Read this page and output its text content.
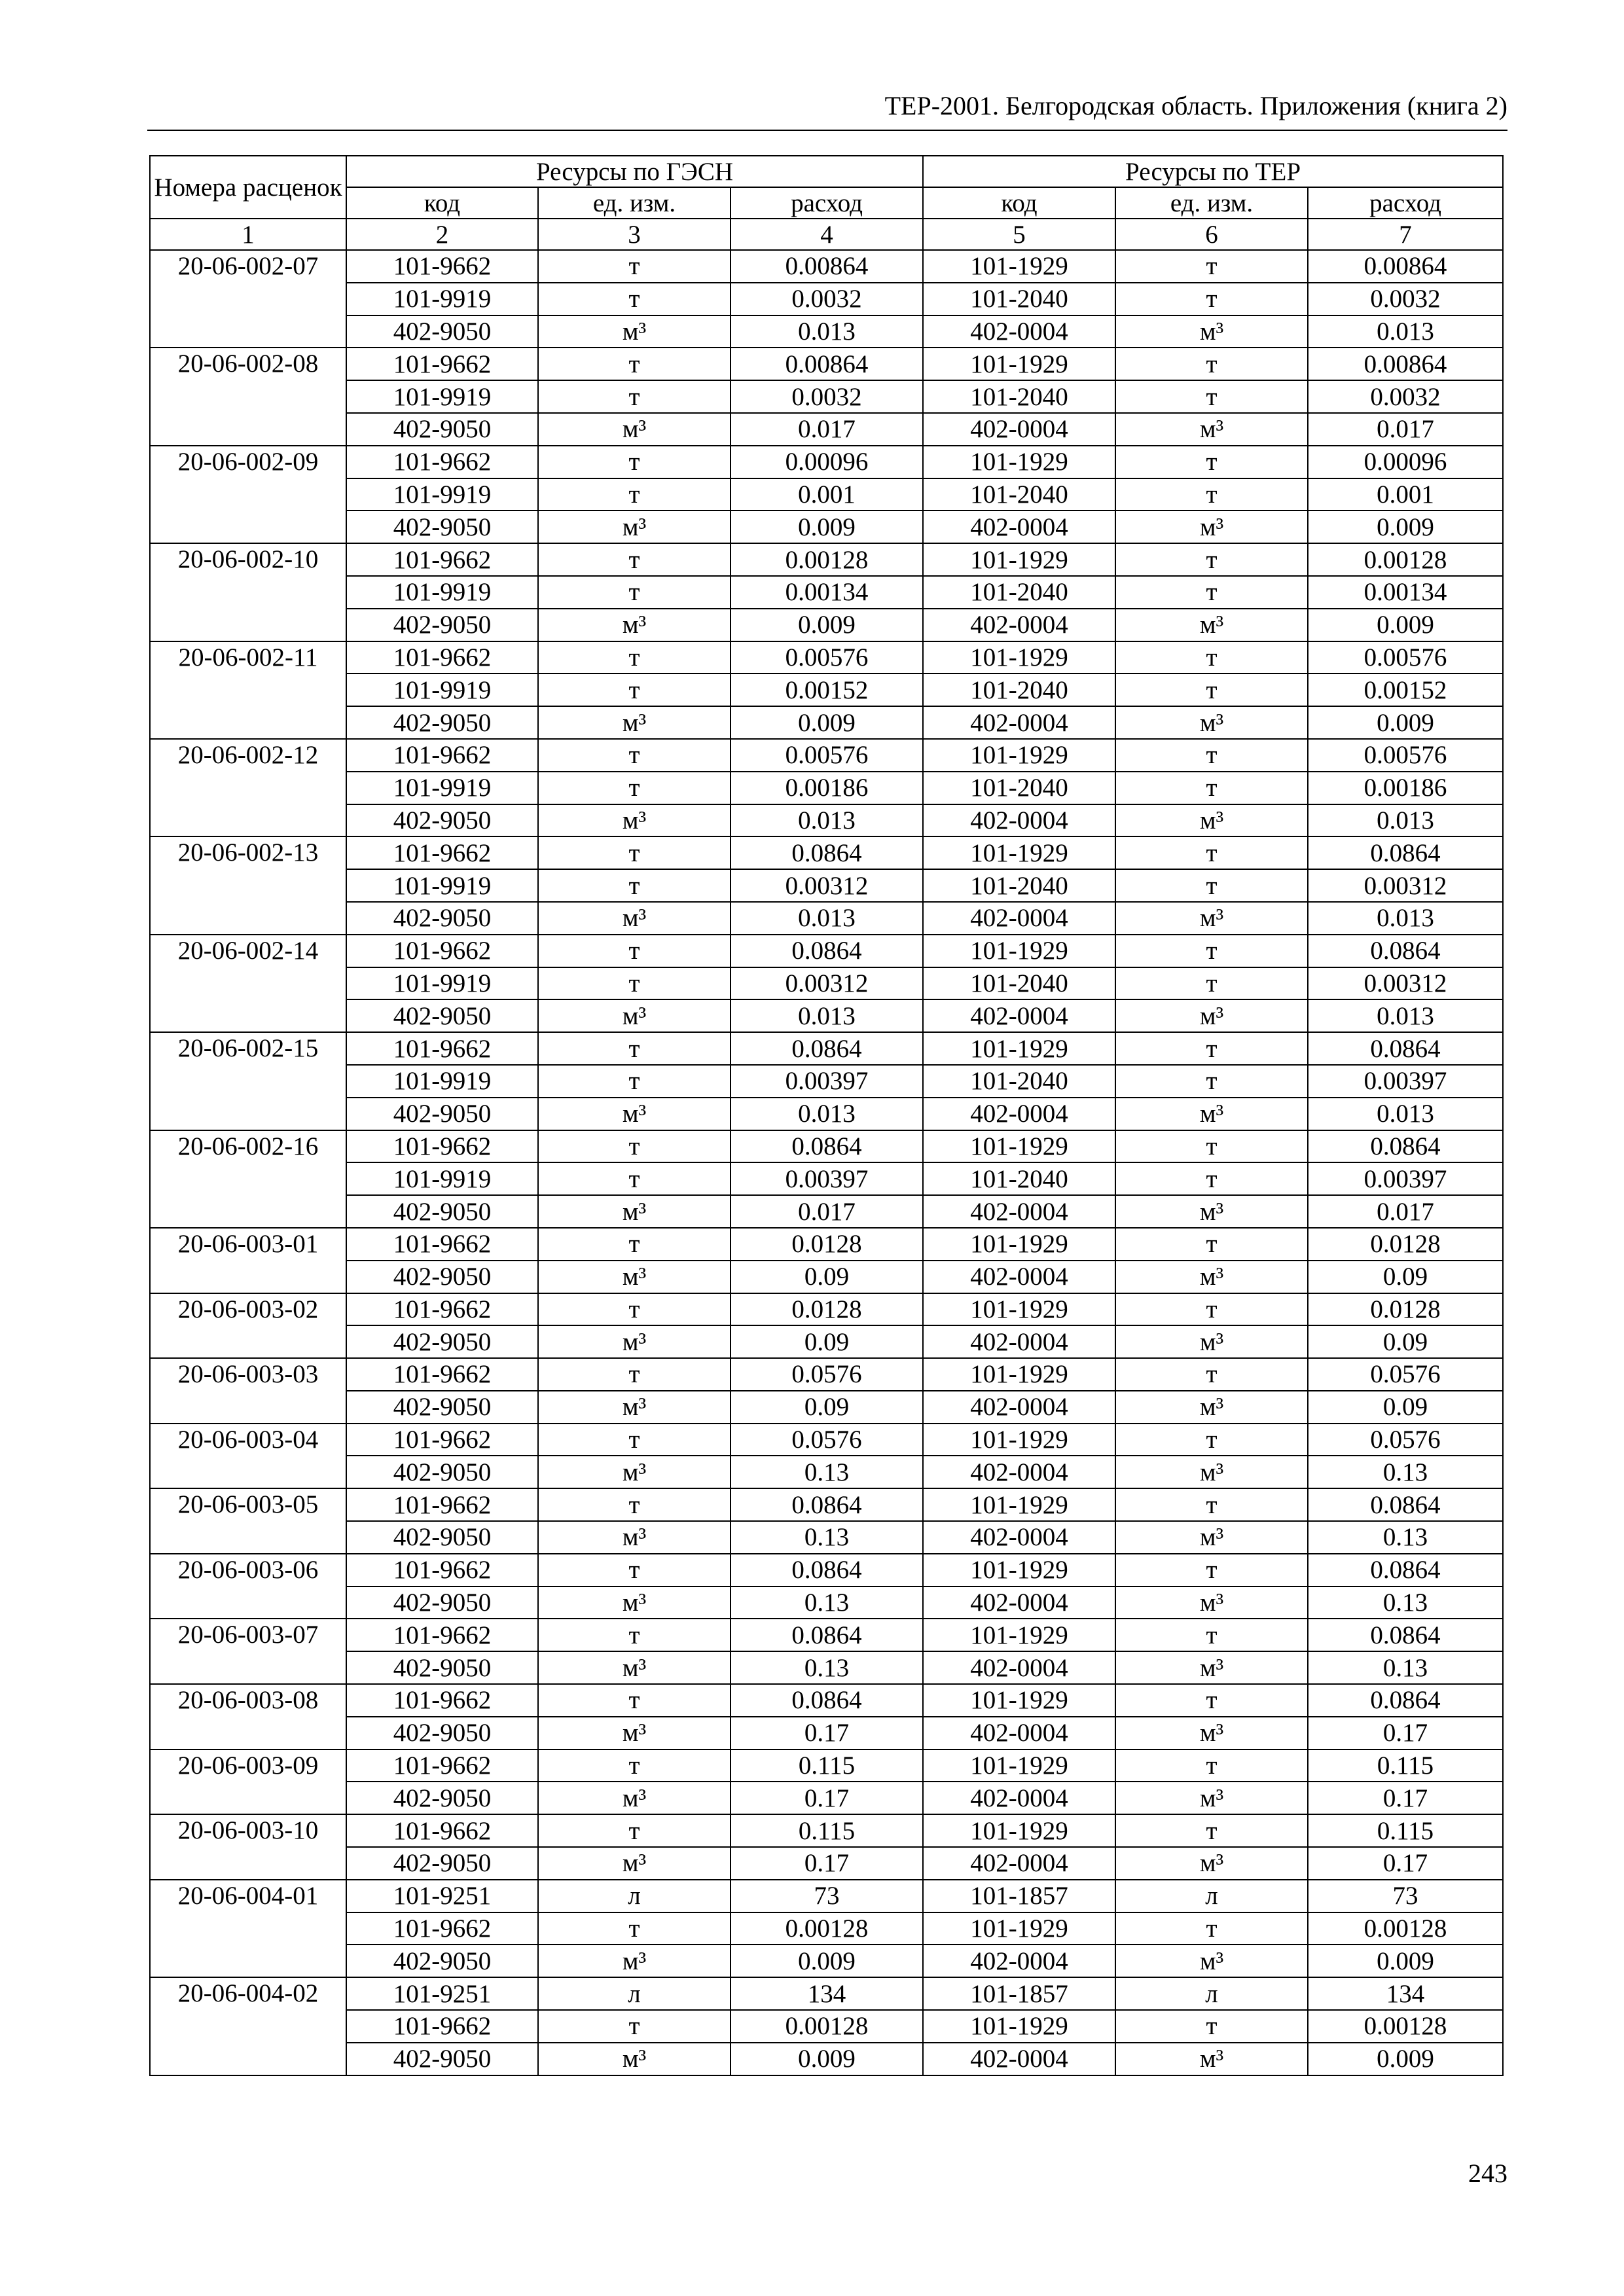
ТЕР-2001. Белгородская область. Приложения (книга 2)
Номера расценок	Ресурсы по ГЭСН			Ресурсы по ТЕР		
	код	ед. изм.	расход	код	ед. изм.	расход
1	2	3	4	5	6	7
20-06-002-07	101-9662	т	0.00864	101-1929	т	0.00864
	101-9919	т	0.0032	101-2040	т	0.0032
	402-9050	м³	0.013	402-0004	м³	0.013
20-06-002-08	101-9662	т	0.00864	101-1929	т	0.00864
	101-9919	т	0.0032	101-2040	т	0.0032
	402-9050	м³	0.017	402-0004	м³	0.017
20-06-002-09	101-9662	т	0.00096	101-1929	т	0.00096
	101-9919	т	0.001	101-2040	т	0.001
	402-9050	м³	0.009	402-0004	м³	0.009
20-06-002-10	101-9662	т	0.00128	101-1929	т	0.00128
	101-9919	т	0.00134	101-2040	т	0.00134
	402-9050	м³	0.009	402-0004	м³	0.009
20-06-002-11	101-9662	т	0.00576	101-1929	т	0.00576
	101-9919	т	0.00152	101-2040	т	0.00152
	402-9050	м³	0.009	402-0004	м³	0.009
20-06-002-12	101-9662	т	0.00576	101-1929	т	0.00576
	101-9919	т	0.00186	101-2040	т	0.00186
	402-9050	м³	0.013	402-0004	м³	0.013
20-06-002-13	101-9662	т	0.0864	101-1929	т	0.0864
	101-9919	т	0.00312	101-2040	т	0.00312
	402-9050	м³	0.013	402-0004	м³	0.013
20-06-002-14	101-9662	т	0.0864	101-1929	т	0.0864
	101-9919	т	0.00312	101-2040	т	0.00312
	402-9050	м³	0.013	402-0004	м³	0.013
20-06-002-15	101-9662	т	0.0864	101-1929	т	0.0864
	101-9919	т	0.00397	101-2040	т	0.00397
	402-9050	м³	0.013	402-0004	м³	0.013
20-06-002-16	101-9662	т	0.0864	101-1929	т	0.0864
	101-9919	т	0.00397	101-2040	т	0.00397
	402-9050	м³	0.017	402-0004	м³	0.017
20-06-003-01	101-9662	т	0.0128	101-1929	т	0.0128
	402-9050	м³	0.09	402-0004	м³	0.09
20-06-003-02	101-9662	т	0.0128	101-1929	т	0.0128
	402-9050	м³	0.09	402-0004	м³	0.09
20-06-003-03	101-9662	т	0.0576	101-1929	т	0.0576
	402-9050	м³	0.09	402-0004	м³	0.09
20-06-003-04	101-9662	т	0.0576	101-1929	т	0.0576
	402-9050	м³	0.13	402-0004	м³	0.13
20-06-003-05	101-9662	т	0.0864	101-1929	т	0.0864
	402-9050	м³	0.13	402-0004	м³	0.13
20-06-003-06	101-9662	т	0.0864	101-1929	т	0.0864
	402-9050	м³	0.13	402-0004	м³	0.13
20-06-003-07	101-9662	т	0.0864	101-1929	т	0.0864
	402-9050	м³	0.13	402-0004	м³	0.13
20-06-003-08	101-9662	т	0.0864	101-1929	т	0.0864
	402-9050	м³	0.17	402-0004	м³	0.17
20-06-003-09	101-9662	т	0.115	101-1929	т	0.115
	402-9050	м³	0.17	402-0004	м³	0.17
20-06-003-10	101-9662	т	0.115	101-1929	т	0.115
	402-9050	м³	0.17	402-0004	м³	0.17
20-06-004-01	101-9251	л	73	101-1857	л	73
	101-9662	т	0.00128	101-1929	т	0.00128
	402-9050	м³	0.009	402-0004	м³	0.009
20-06-004-02	101-9251	л	134	101-1857	л	134
	101-9662	т	0.00128	101-1929	т	0.00128
	402-9050	м³	0.009	402-0004	м³	0.009
243
